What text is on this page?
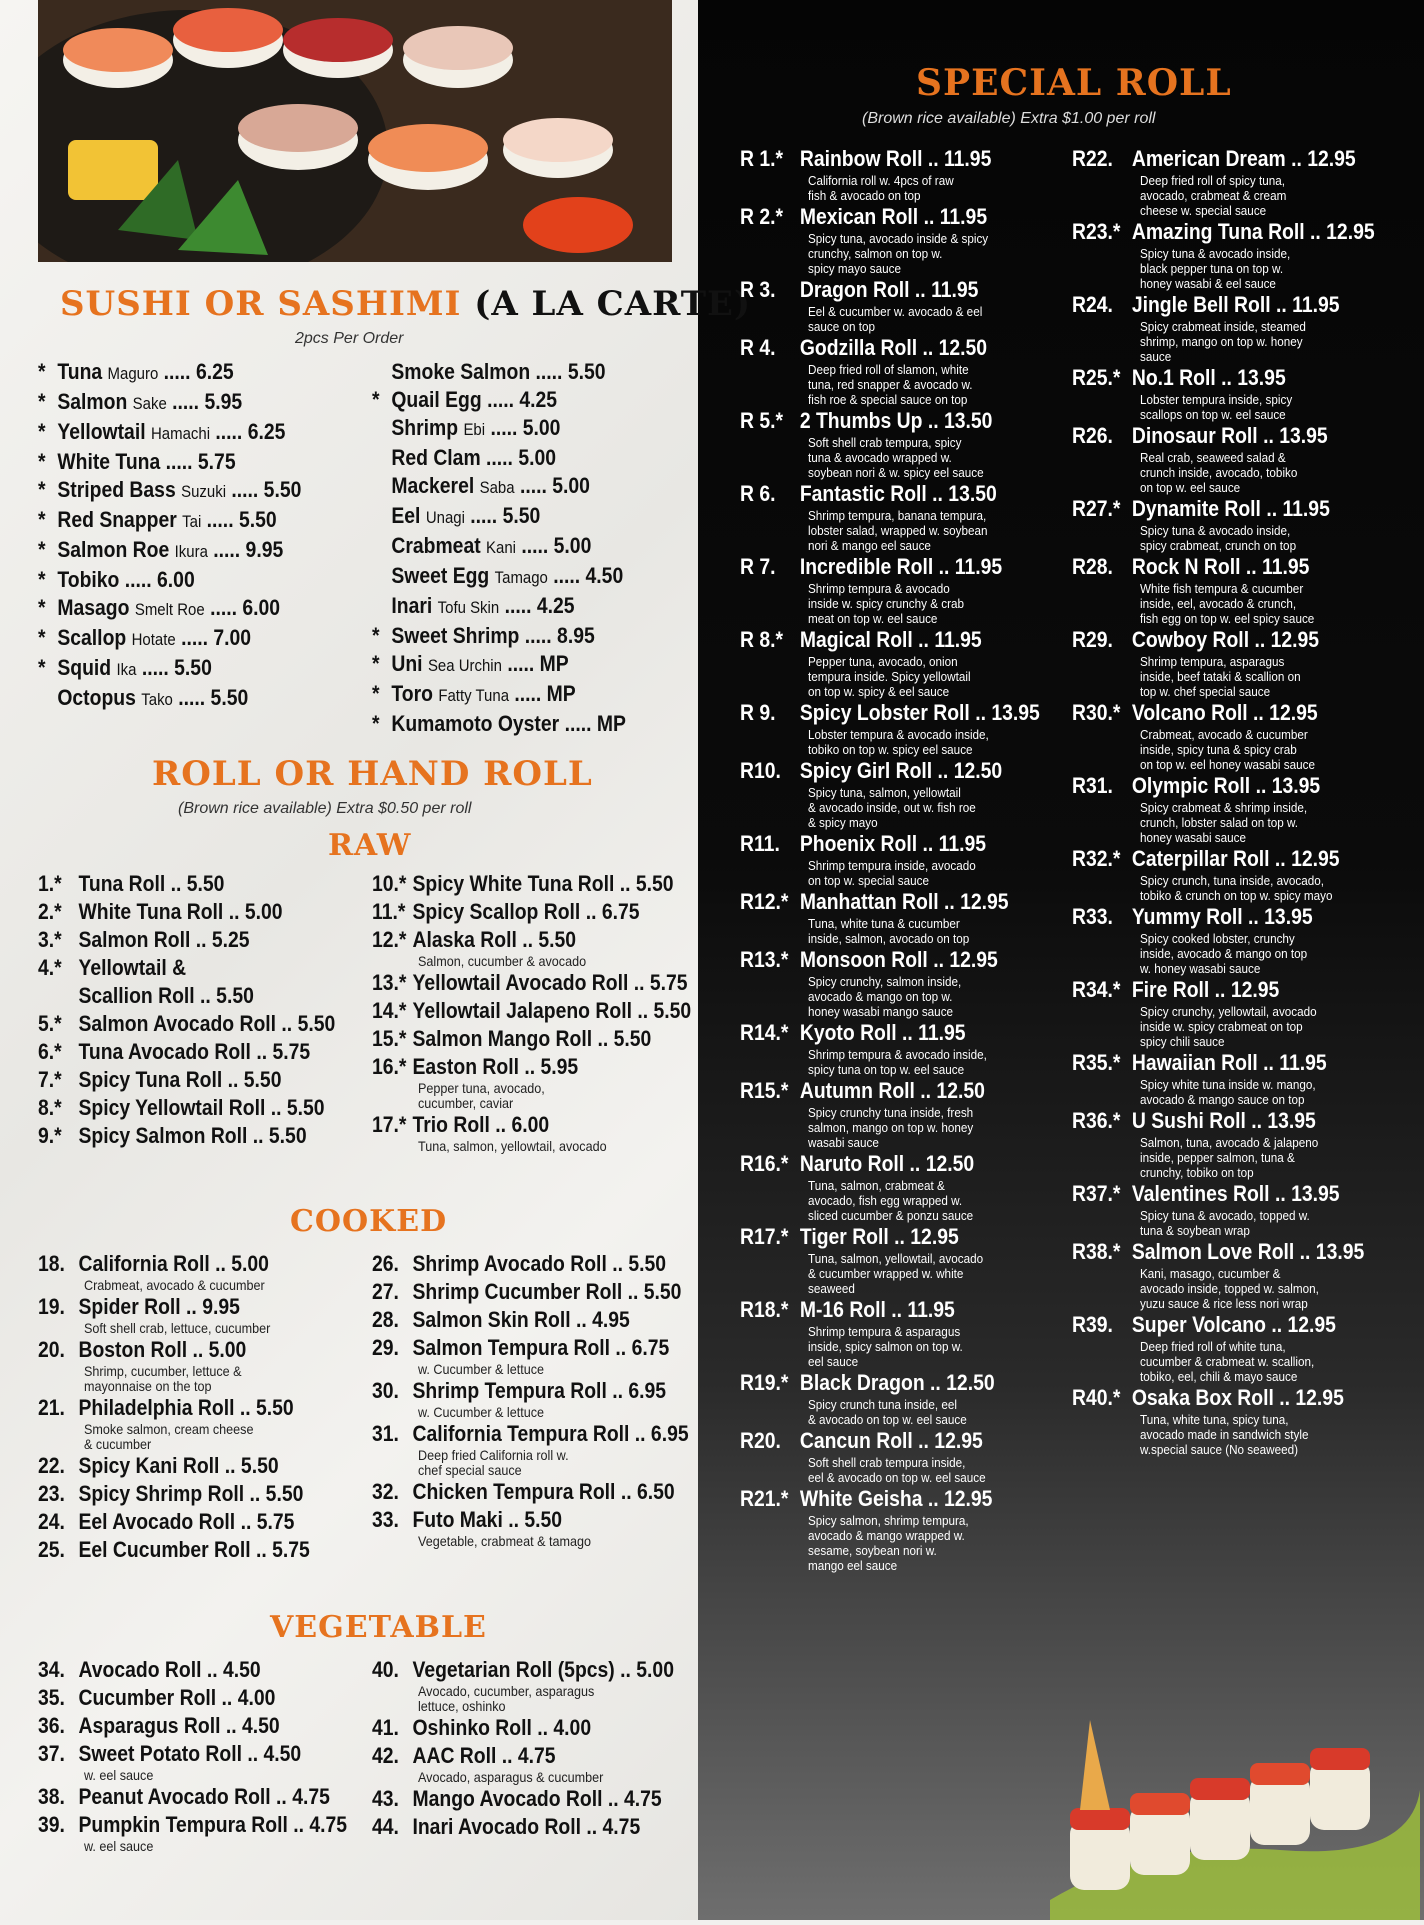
SUSHI OR SASHIMI (A LA CARTE)
2pcs Per Order
* Tuna Maguro ..... 6.25
* Salmon Sake ..... 5.95
* Yellowtail Hamachi ..... 6.25
* White Tuna ..... 5.75
* Striped Bass Suzuki ..... 5.50
* Red Snapper Tai ..... 5.50
* Salmon Roe Ikura ..... 9.95
* Tobiko ..... 6.00
* Masago Smelt Roe ..... 6.00
* Scallop Hotate ..... 7.00
* Squid Ika ..... 5.50
Octopus Tako ..... 5.50
Smoke Salmon ..... 5.50
* Quail Egg ..... 4.25
Shrimp Ebi ..... 5.00
Red Clam ..... 5.00
Mackerel Saba ..... 5.00
Eel Unagi ..... 5.50
Crabmeat Kani ..... 5.00
Sweet Egg Tamago ..... 4.50
Inari Tofu Skin ..... 4.25
* Sweet Shrimp ..... 8.95
* Uni Sea Urchin ..... MP
* Toro Fatty Tuna ..... MP
* Kumamoto Oyster ..... MP
ROLL OR HAND ROLL
(Brown rice available) Extra $0.50 per roll
RAW
1.* Tuna Roll .. 5.50
2.* White Tuna Roll .. 5.00
3.* Salmon Roll .. 5.25
4.* Yellowtail &
Scallion Roll .. 5.50
5.* Salmon Avocado Roll .. 5.50
6.* Tuna Avocado Roll .. 5.75
7.* Spicy Tuna Roll .. 5.50
8.* Spicy Yellowtail Roll .. 5.50
9.* Spicy Salmon Roll .. 5.50
10.* Spicy White Tuna Roll .. 5.50
11.* Spicy Scallop Roll .. 6.75
12.* Alaska Roll .. 5.50
Salmon, cucumber & avocado
13.* Yellowtail Avocado Roll .. 5.75
14.* Yellowtail Jalapeno Roll .. 5.50
15.* Salmon Mango Roll .. 5.50
16.* Easton Roll .. 5.95
Pepper tuna, avocado,
cucumber, caviar
17.* Trio Roll .. 6.00
Tuna, salmon, yellowtail, avocado
COOKED
18. California Roll .. 5.00
Crabmeat, avocado & cucumber
19. Spider Roll .. 9.95
Soft shell crab, lettuce, cucumber
20. Boston Roll .. 5.00
Shrimp, cucumber, lettuce &
mayonnaise on the top
21. Philadelphia Roll .. 5.50
Smoke salmon, cream cheese
& cucumber
22. Spicy Kani Roll .. 5.50
23. Spicy Shrimp Roll .. 5.50
24. Eel Avocado Roll .. 5.75
25. Eel Cucumber Roll .. 5.75
26. Shrimp Avocado Roll .. 5.50
27. Shrimp Cucumber Roll .. 5.50
28. Salmon Skin Roll .. 4.95
29. Salmon Tempura Roll .. 6.75
w. Cucumber & lettuce
30. Shrimp Tempura Roll .. 6.95
w. Cucumber & lettuce
31. California Tempura Roll .. 6.95
Deep fried California roll w.
chef special sauce
32. Chicken Tempura Roll .. 6.50
33. Futo Maki .. 5.50
Vegetable, crabmeat & tamago
VEGETABLE
34. Avocado Roll .. 4.50
35. Cucumber Roll .. 4.00
36. Asparagus Roll .. 4.50
37. Sweet Potato Roll .. 4.50
w. eel sauce
38. Peanut Avocado Roll .. 4.75
39. Pumpkin Tempura Roll .. 4.75
w. eel sauce
40. Vegetarian Roll (5pcs) .. 5.00
Avocado, cucumber, asparagus
lettuce, oshinko
41. Oshinko Roll .. 4.00
42. AAC Roll .. 4.75
Avocado, asparagus & cucumber
43. Mango Avocado Roll .. 4.75
44. Inari Avocado Roll .. 4.75
SPECIAL ROLL
(Brown rice available) Extra $1.00 per roll
R 1.* Rainbow Roll .. 11.95
California roll w. 4pcs of raw
fish & avocado on top
R 2.* Mexican Roll .. 11.95
Spicy tuna, avocado inside & spicy
crunchy, salmon on top w.
spicy mayo sauce
R 3. Dragon Roll .. 11.95
Eel & cucumber w. avocado & eel
sauce on top
R 4. Godzilla Roll .. 12.50
Deep fried roll of slamon, white
tuna, red snapper & avocado w.
fish roe & special sauce on top
R 5.* 2 Thumbs Up .. 13.50
Soft shell crab tempura, spicy
tuna & avocado wrapped w.
soybean nori & w. spicy eel sauce
R 6. Fantastic Roll .. 13.50
Shrimp tempura, banana tempura,
lobster salad, wrapped w. soybean
nori & mango eel sauce
R 7. Incredible Roll .. 11.95
Shrimp tempura & avocado
inside w. spicy crunchy & crab
meat on top w. eel sauce
R 8.* Magical Roll .. 11.95
Pepper tuna, avocado, onion
tempura inside. Spicy yellowtail
on top w. spicy & eel sauce
R 9. Spicy Lobster Roll .. 13.95
Lobster tempura & avocado inside,
tobiko on top w. spicy eel sauce
R10. Spicy Girl Roll .. 12.50
Spicy tuna, salmon, yellowtail
& avocado inside, out w. fish roe
& spicy mayo
R11. Phoenix Roll .. 11.95
Shrimp tempura inside, avocado
on top w. special sauce
R12.* Manhattan Roll .. 12.95
Tuna, white tuna & cucumber
inside, salmon, avocado on top
R13.* Monsoon Roll .. 12.95
Spicy crunchy, salmon inside,
avocado & mango on top w.
honey wasabi mango sauce
R14.* Kyoto Roll .. 11.95
Shrimp tempura & avocado inside,
spicy tuna on top w. eel sauce
R15.* Autumn Roll .. 12.50
Spicy crunchy tuna inside, fresh
salmon, mango on top w. honey
wasabi sauce
R16.* Naruto Roll .. 12.50
Tuna, salmon, crabmeat &
avocado, fish egg wrapped w.
sliced cucumber & ponzu sauce
R17.* Tiger Roll .. 12.95
Tuna, salmon, yellowtail, avocado
& cucumber wrapped w. white
seaweed
R18.* M-16 Roll .. 11.95
Shrimp tempura & asparagus
inside, spicy salmon on top w.
eel sauce
R19.* Black Dragon .. 12.50
Spicy crunch tuna inside, eel
& avocado on top w. eel sauce
R20. Cancun Roll .. 12.95
Soft shell crab tempura inside,
eel & avocado on top w. eel sauce
R21.* White Geisha .. 12.95
Spicy salmon, shrimp tempura,
avocado & mango wrapped w.
sesame, soybean nori w.
mango eel sauce
R22. American Dream .. 12.95
Deep fried roll of spicy tuna,
avocado, crabmeat & cream
cheese w. special sauce
R23.* Amazing Tuna Roll .. 12.95
Spicy tuna & avocado inside,
black pepper tuna on top w.
honey wasabi & eel sauce
R24. Jingle Bell Roll .. 11.95
Spicy crabmeat inside, steamed
shrimp, mango on top w. honey
sauce
R25.* No.1 Roll .. 13.95
Lobster tempura inside, spicy
scallops on top w. eel sauce
R26. Dinosaur Roll .. 13.95
Real crab, seaweed salad &
crunch inside, avocado, tobiko
on top w. eel sauce
R27.* Dynamite Roll .. 11.95
Spicy tuna & avocado inside,
spicy crabmeat, crunch on top
R28. Rock N Roll .. 11.95
White fish tempura & cucumber
inside, eel, avocado & crunch,
fish egg on top w. eel spicy sauce
R29. Cowboy Roll .. 12.95
Shrimp tempura, asparagus
inside, beef tataki & scallion on
top w. chef special sauce
R30.* Volcano Roll .. 12.95
Crabmeat, avocado & cucumber
inside, spicy tuna & spicy crab
on top w. eel honey wasabi sauce
R31. Olympic Roll .. 13.95
Spicy crabmeat & shrimp inside,
crunch, lobster salad on top w.
honey wasabi sauce
R32.* Caterpillar Roll .. 12.95
Spicy crunch, tuna inside, avocado,
tobiko & crunch on top w. spicy mayo
R33. Yummy Roll .. 13.95
Spicy cooked lobster, crunchy
inside, avocado & mango on top
w. honey wasabi sauce
R34.* Fire Roll .. 12.95
Spicy crunchy, yellowtail, avocado
inside w. spicy crabmeat on top
spicy chili sauce
R35.* Hawaiian Roll .. 11.95
Spicy white tuna inside w. mango,
avocado & mango sauce on top
R36.* U Sushi Roll .. 13.95
Salmon, tuna, avocado & jalapeno
inside, pepper salmon, tuna &
crunchy, tobiko on top
R37.* Valentines Roll .. 13.95
Spicy tuna & avocado, topped w.
tuna & soybean wrap
R38.* Salmon Love Roll .. 13.95
Kani, masago, cucumber &
avocado inside, topped w. salmon,
yuzu sauce & rice less nori wrap
R39. Super Volcano .. 12.95
Deep fried roll of white tuna,
cucumber & crabmeat w. scallion,
tobiko, eel, chili & mayo sauce
R40.* Osaka Box Roll .. 12.95
Tuna, white tuna, spicy tuna,
avocado made in sandwich style
w.special sauce (No seaweed)
